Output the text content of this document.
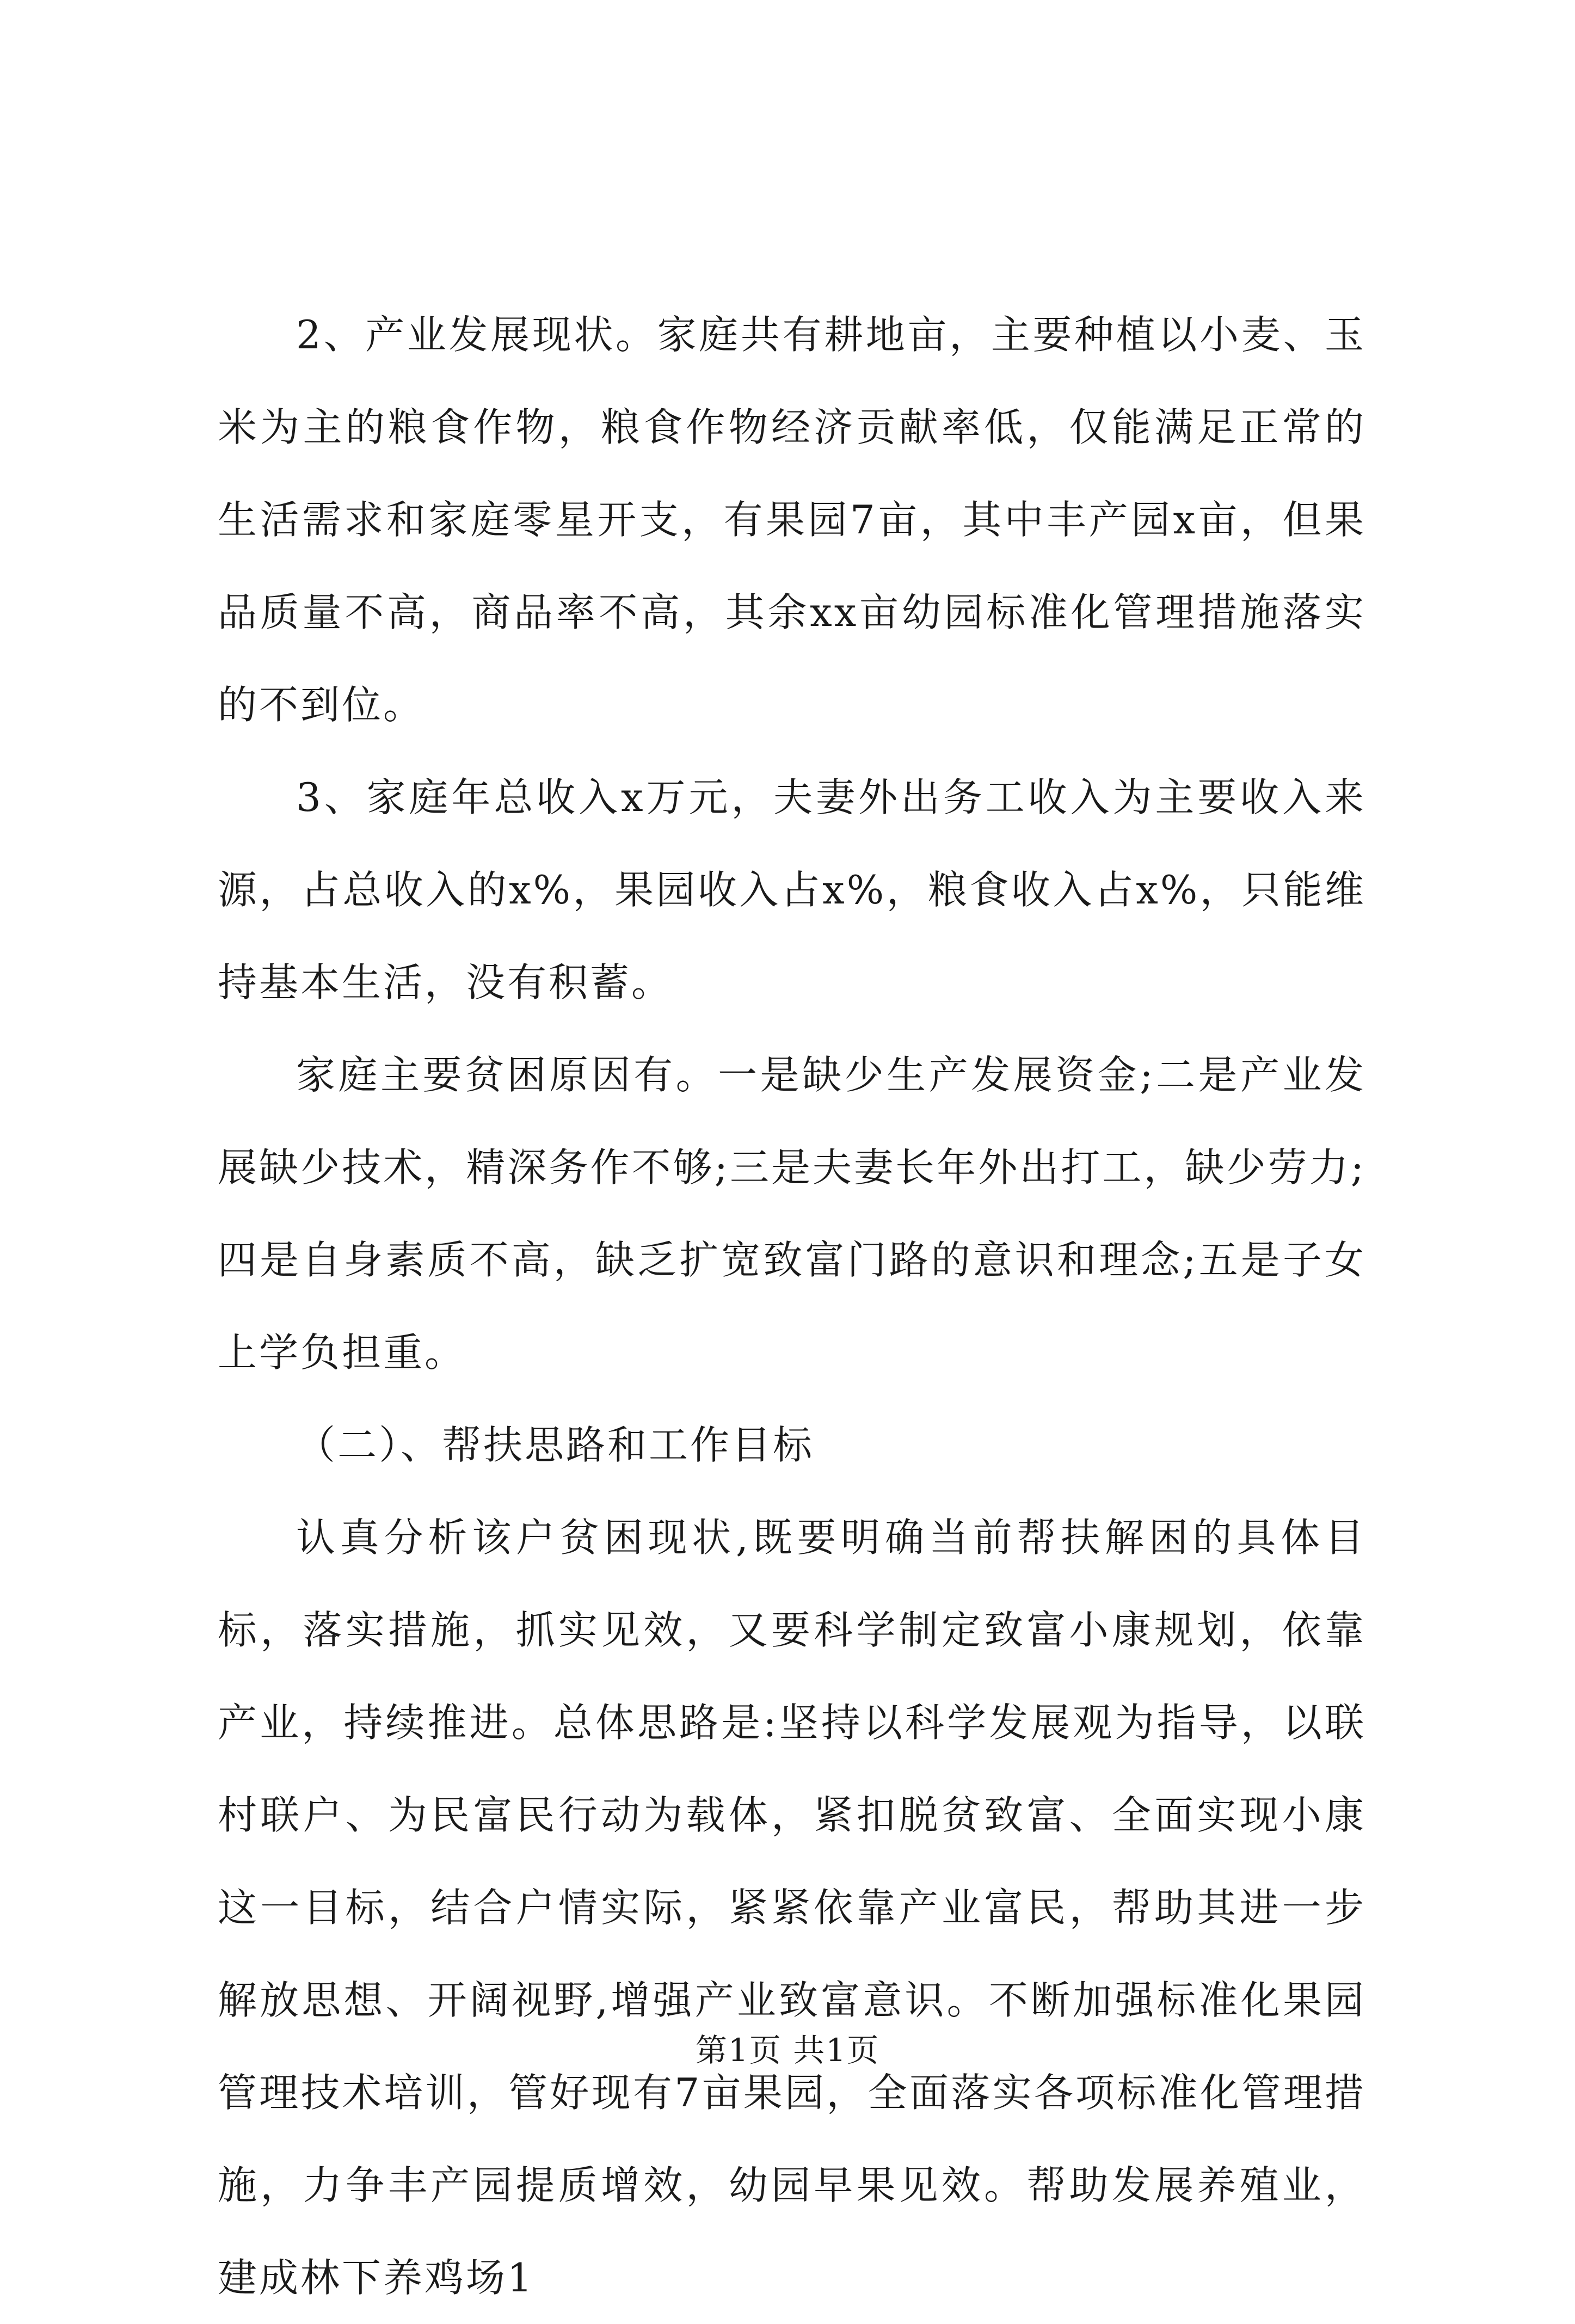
2、产业发展现状。家庭共有耕地亩，主要种植以小麦、玉米为主的粮食作物，粮食作物经济贡献率低，仅能满足正常的生活需求和家庭零星开支，有果园7亩，其中丰产园x亩，但果品质量不高，商品率不高，其余xx亩幼园标准化管理措施落实的不到位。

3、家庭年总收入x万元，夫妻外出务工收入为主要收入来源，占总收入的x%，果园收入占x%，粮食收入占x%，只能维持基本生活，没有积蓄。

家庭主要贫困原因有。一是缺少生产发展资金;二是产业发展缺少技术，精深务作不够;三是夫妻长年外出打工，缺少劳力;四是自身素质不高，缺乏扩宽致富门路的意识和理念;五是子女上学负担重。

（二）、帮扶思路和工作目标

认真分析该户贫困现状,既要明确当前帮扶解困的具体目标，落实措施，抓实见效，又要科学制定致富小康规划，依靠产业，持续推进。总体思路是:坚持以科学发展观为指导，以联村联户、为民富民行动为载体，紧扣脱贫致富、全面实现小康这一目标，结合户情实际，紧紧依靠产业富民，帮助其进一步解放思想、开阔视野,增强产业致富意识。不断加强标准化果园管理技术培训，管好现有7亩果园，全面落实各项标准化管理措施，力争丰产园提质增效，幼园早果见效。帮助发展养殖业，建成林下养鸡场1

第1页 共1页
